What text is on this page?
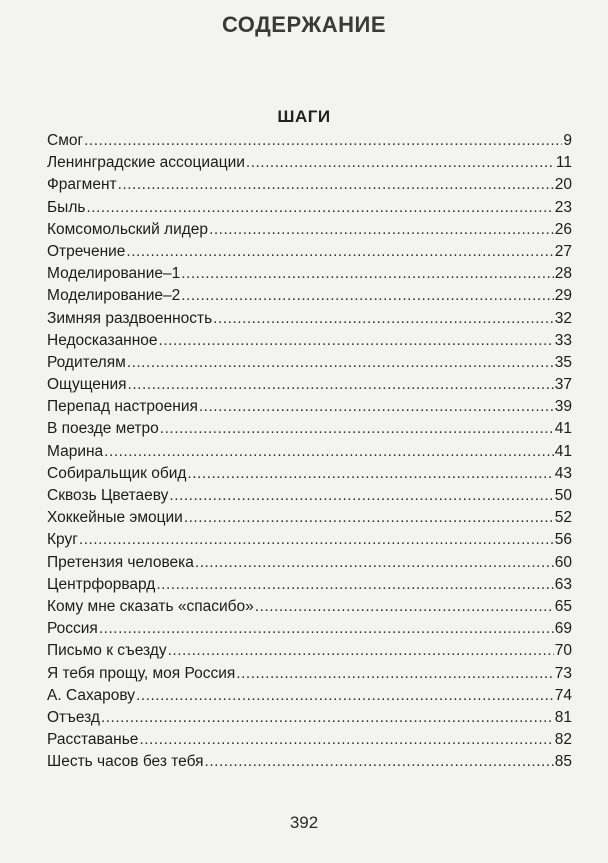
СОДЕРЖАНИЕ
ШАГИ
Смог .....	9
Ленинградские ассоциации .....	11
Фрагмент .....	20
Быль .....	23
Комсомольский лидер .....	26
Отречение .....	27
Моделирование–1 .....	28
Моделирование–2 .....	29
Зимняя раздвоенность .....	32
Недосказанное .....	33
Родителям .....	35
Ощущения .....	37
Перепад настроения .....	39
В поезде метро .....	41
Марина .....	41
Собиральщик обид .....	43
Сквозь Цветаеву .....	50
Хоккейные эмоции .....	52
Круг .....	56
Претензия человека .....	60
Центрфорвард .....	63
Кому мне сказать «спасибо» .....	65
Россия .....	69
Письмо к съезду .....	70
Я тебя прощу, моя Россия .....	73
А. Сахарову .....	74
Отъезд .....	81
Расставанье .....	82
Шесть часов без тебя .....	85
392
